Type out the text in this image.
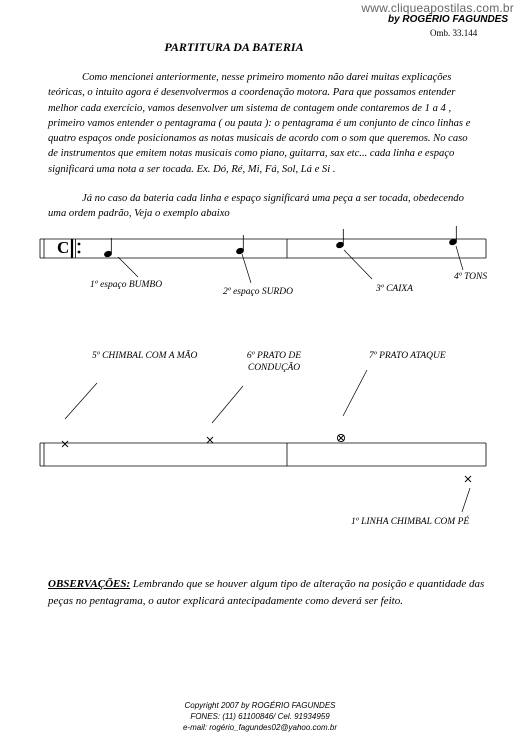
www.cliqueapostilas.com.br
by ROGÉRIO FAGUNDES
Omb. 33.144
PARTITURA DA BATERIA
Como mencionei anteriormente, nesse primeiro momento não darei muitas explicações teóricas, o intuito agora é desenvolvermos a coordenação motora. Para que possamos entender melhor cada exercício, vamos desenvolver um sistema de contagem onde contaremos de 1 a 4 , primeiro vamos entender o pentagrama ( ou pauta ): o pentagrama é um conjunto de cinco linhas e quatro espaços onde posicionamos as notas musicais de acordo com o som que queremos. No caso de instrumentos que emitem notas musicais como piano, guitarra, sax etc... cada linha e espaço significará uma nota a ser tocada. Ex. Dó, Ré, Mi, Fá, Sol, Lá e Si .
Já no caso da bateria cada linha e espaço significará uma peça a ser tocada, obedecendo uma ordem padrão, Veja o exemplo abaixo
C
1º espaço BUMBO
2º espaço SURDO	3º CAIXA
4º TONS
5º CHIMBAL COM A MÃO	6º PRATO DE
CONDUÇÃO
7º PRATO ATAQUE
1º LINHA CHIMBAL COM PÉ
OBSERVAÇÕES: Lembrando que se houver algum tipo de alteração na posição e quantidade das peças no pentagrama, o autor explicará antecipadamente como deverá ser feito.
Copyright 2007 by ROGÉRIO FAGUNDES
FONES: (11) 61100846/ Cel. 91934959
e-mail: rogério_fagundes02@yahoo.com.br
